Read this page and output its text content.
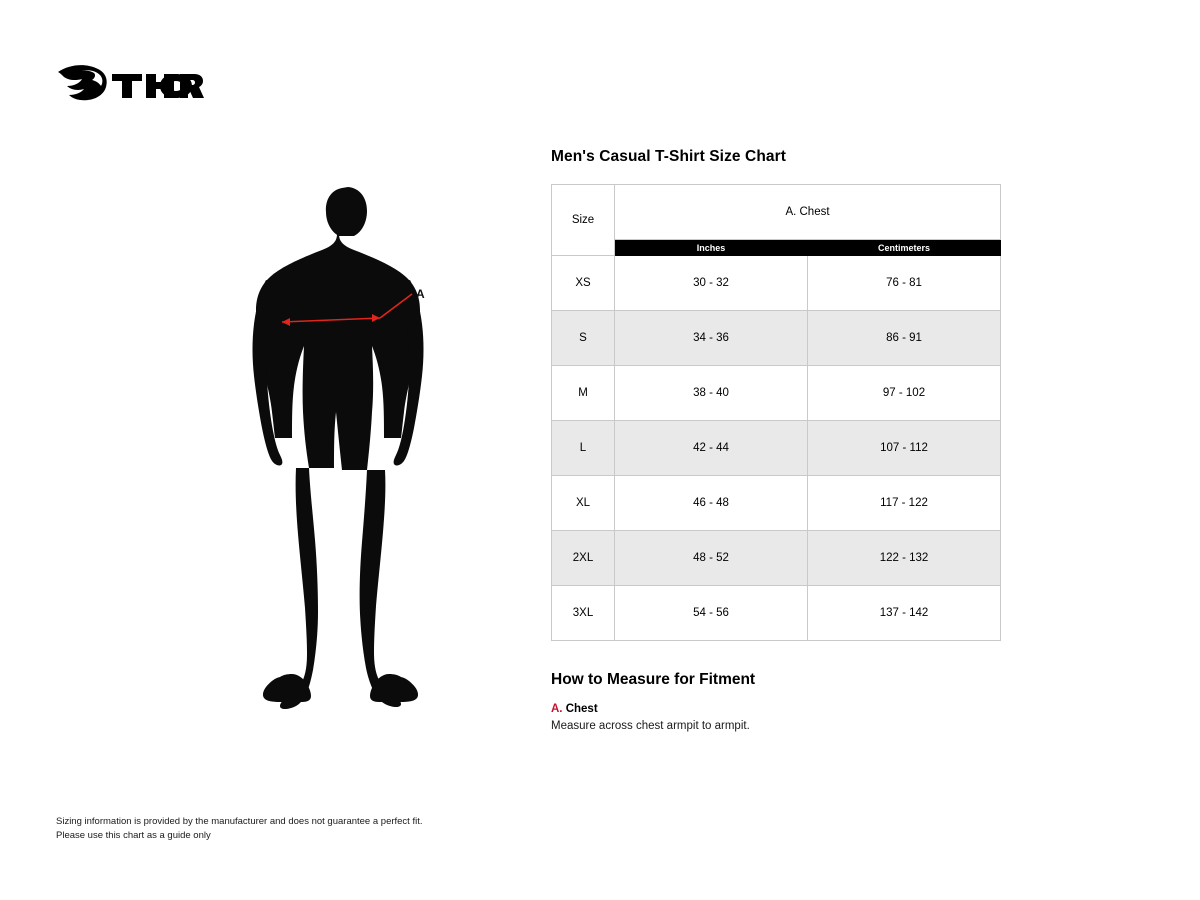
A
Men's Casual T-Shirt Size Chart
Size	A. Chest	
	Inches	Centimeters
XS	30 - 32	76 - 81
S	34 - 36	86 - 91
M	38 - 40	97 - 102
L	42 - 44	107 - 112
XL	46 - 48	117 - 122
2XL	48 - 52	122 - 132
3XL	54 - 56	137 - 142
How to Measure for Fitment

A. Chest

Measure across chest armpit to armpit.

Sizing information is provided by the manufacturer and does not guarantee a perfect fit.
Please use this chart as a guide only
